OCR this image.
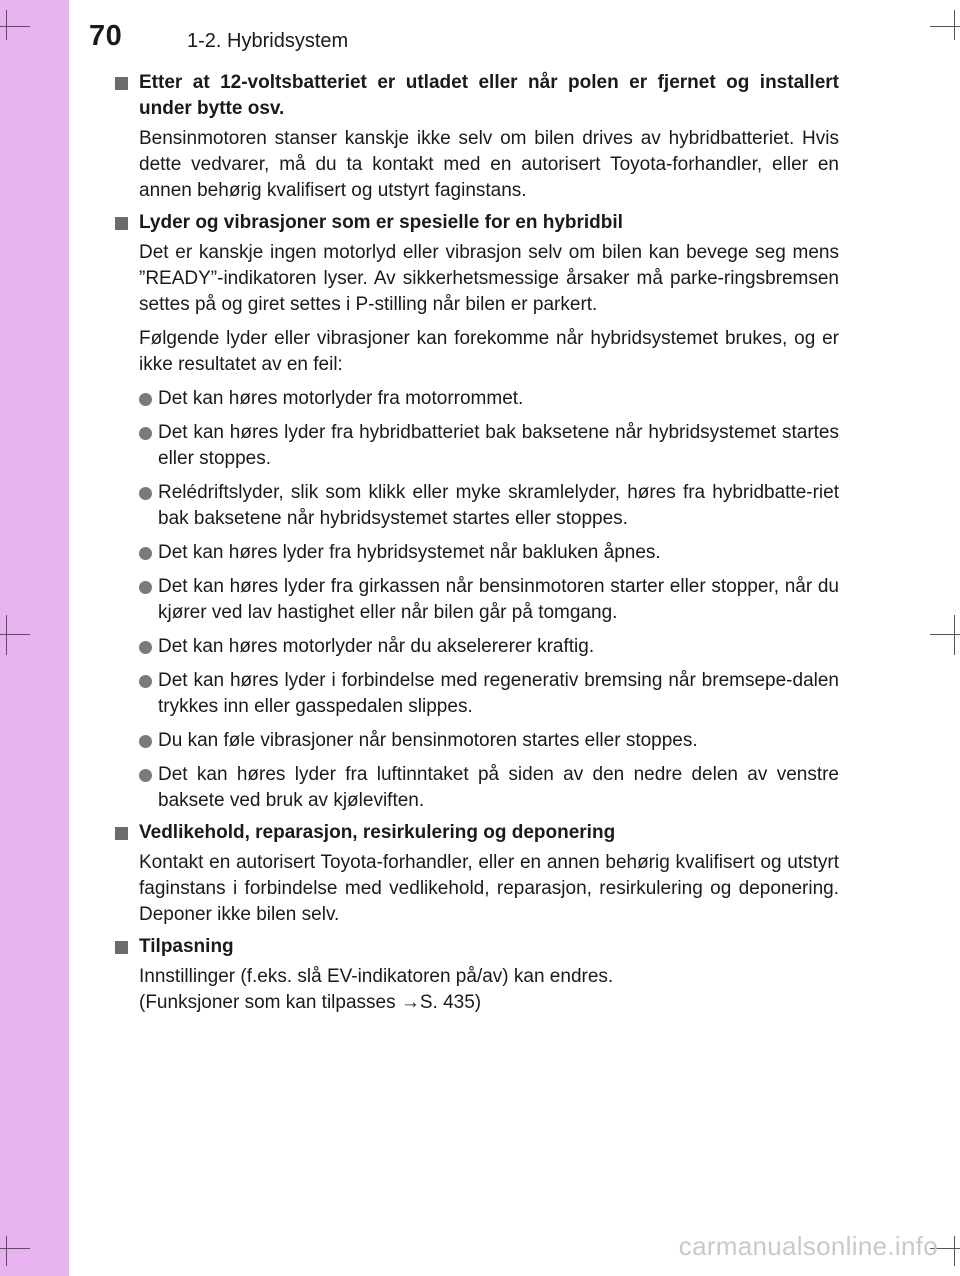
70	1-2. Hybridsystem
Etter at 12-voltsbatteriet er utladet eller når polen er fjernet og installert under bytte osv.
Bensinmotoren stanser kanskje ikke selv om bilen drives av hybridbatteriet. Hvis dette vedvarer, må du ta kontakt med en autorisert Toyota-forhandler, eller en annen behørig kvalifisert og utstyrt faginstans.
Lyder og vibrasjoner som er spesielle for en hybridbil
Det er kanskje ingen motorlyd eller vibrasjon selv om bilen kan bevege seg mens ”READY”-indikatoren lyser. Av sikkerhetsmessige årsaker må parke-ringsbremsen settes på og giret settes i P-stilling når bilen er parkert.
Følgende lyder eller vibrasjoner kan forekomme når hybridsystemet brukes, og er ikke resultatet av en feil:
Det kan høres motorlyder fra motorrommet.
Det kan høres lyder fra hybridbatteriet bak baksetene når hybridsystemet startes eller stoppes.
Relédriftslyder, slik som klikk eller myke skramlelyder, høres fra hybridbatte-riet bak baksetene når hybridsystemet startes eller stoppes.
Det kan høres lyder fra hybridsystemet når bakluken åpnes.
Det kan høres lyder fra girkassen når bensinmotoren starter eller stopper, når du kjører ved lav hastighet eller når bilen går på tomgang.
Det kan høres motorlyder når du akselererer kraftig.
Det kan høres lyder i forbindelse med regenerativ bremsing når bremsepe-dalen trykkes inn eller gasspedalen slippes.
Du kan føle vibrasjoner når bensinmotoren startes eller stoppes.
Det kan høres lyder fra luftinntaket på siden av den nedre delen av venstre baksete ved bruk av kjøleviften.
Vedlikehold, reparasjon, resirkulering og deponering
Kontakt en autorisert Toyota-forhandler, eller en annen behørig kvalifisert og utstyrt faginstans i forbindelse med vedlikehold, reparasjon, resirkulering og deponering. Deponer ikke bilen selv.
Tilpasning
Innstillinger (f.eks. slå EV-indikatoren på/av) kan endres.
(Funksjoner som kan tilpasses →S. 435)
carmanualsonline.info
